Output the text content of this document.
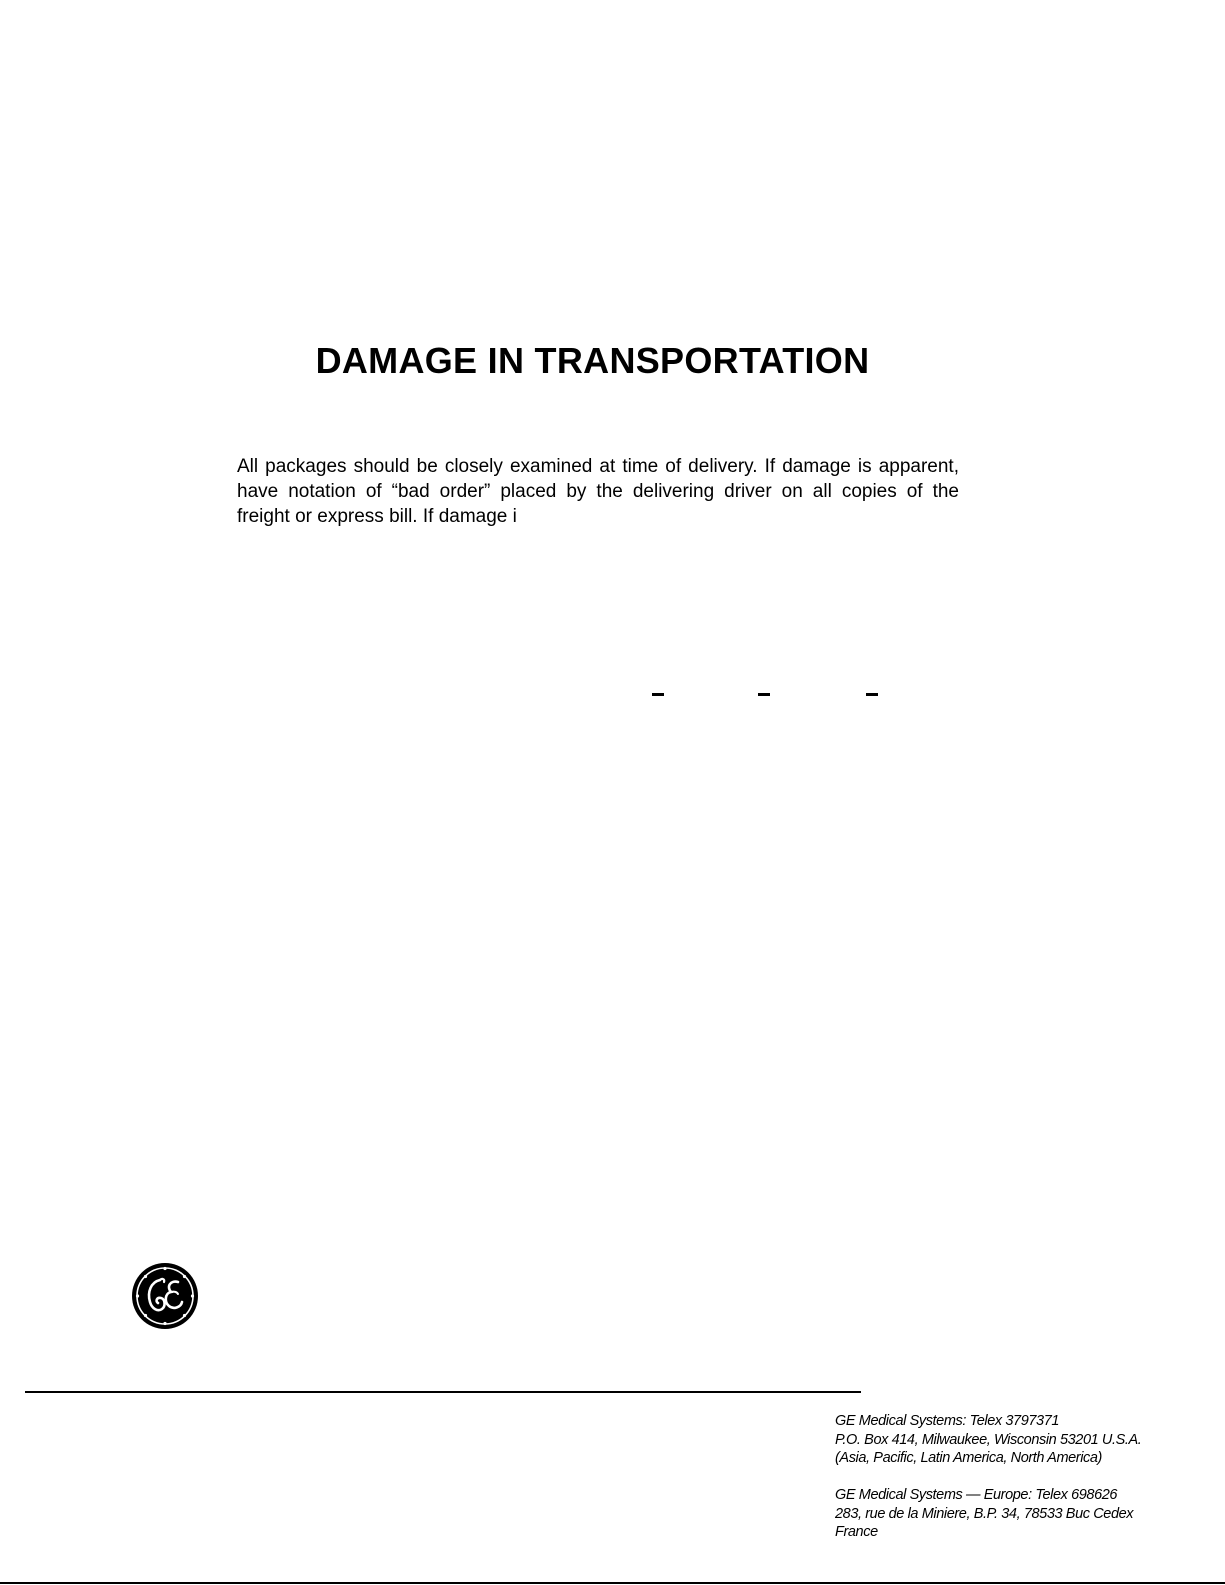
DAMAGE IN TRANSPORTATION
All packages should be closely examined at time of delivery. If damage is apparent,
have notation of “bad order” placed by the delivering driver on all copies of the
freight or express bill. If damage i
GE Medical Systems: Telex 3797371
P.O. Box 414, Milwaukee, Wisconsin 53201 U.S.A.
(Asia, Pacific, Latin America, North America)
GE Medical Systems — Europe: Telex 698626
283, rue de la Miniere, B.P. 34, 78533 Buc Cedex
France
